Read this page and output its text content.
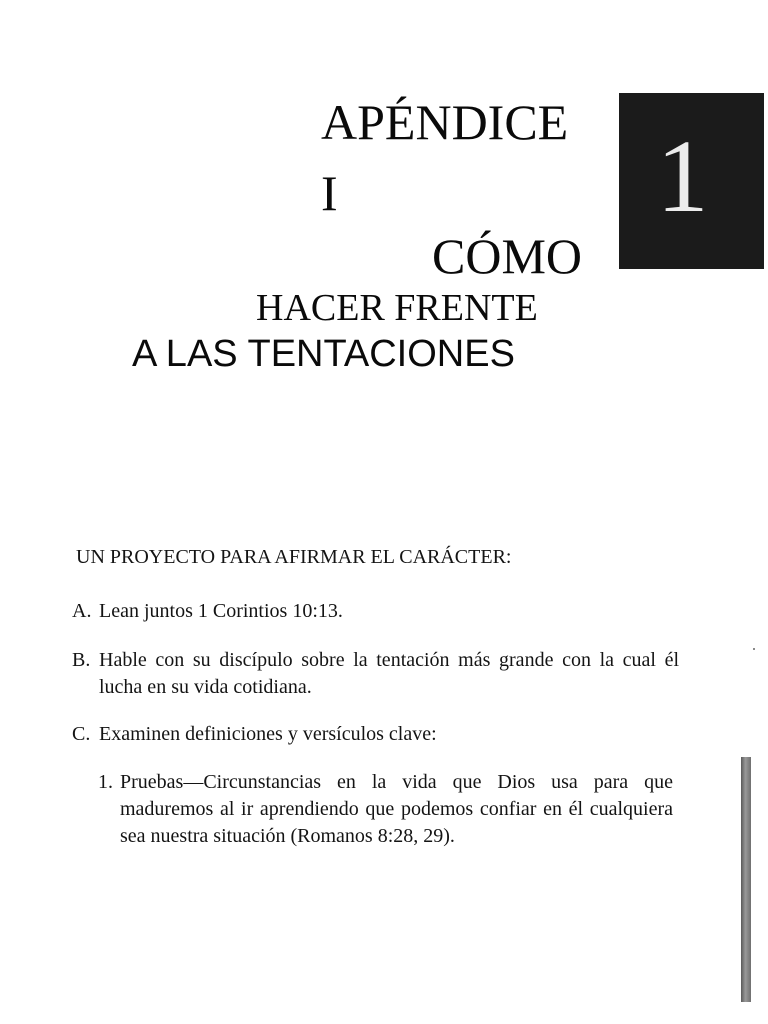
APÉNDICE
I
CÓMO
HACER FRENTE
A LAS TENTACIONES
1
UN PROYECTO PARA AFIRMAR EL CARÁCTER:
A. Lean juntos 1 Corintios 10:13.
B. Hable con su discípulo sobre la tentación más grande con la cual él lucha en su vida cotidiana.
C. Examinen definiciones y versículos clave:
1. Pruebas—Circunstancias en la vida que Dios usa para que maduremos al ir aprendiendo que podemos confiar en él cualquiera sea nuestra situación (Romanos 8:28, 29).
